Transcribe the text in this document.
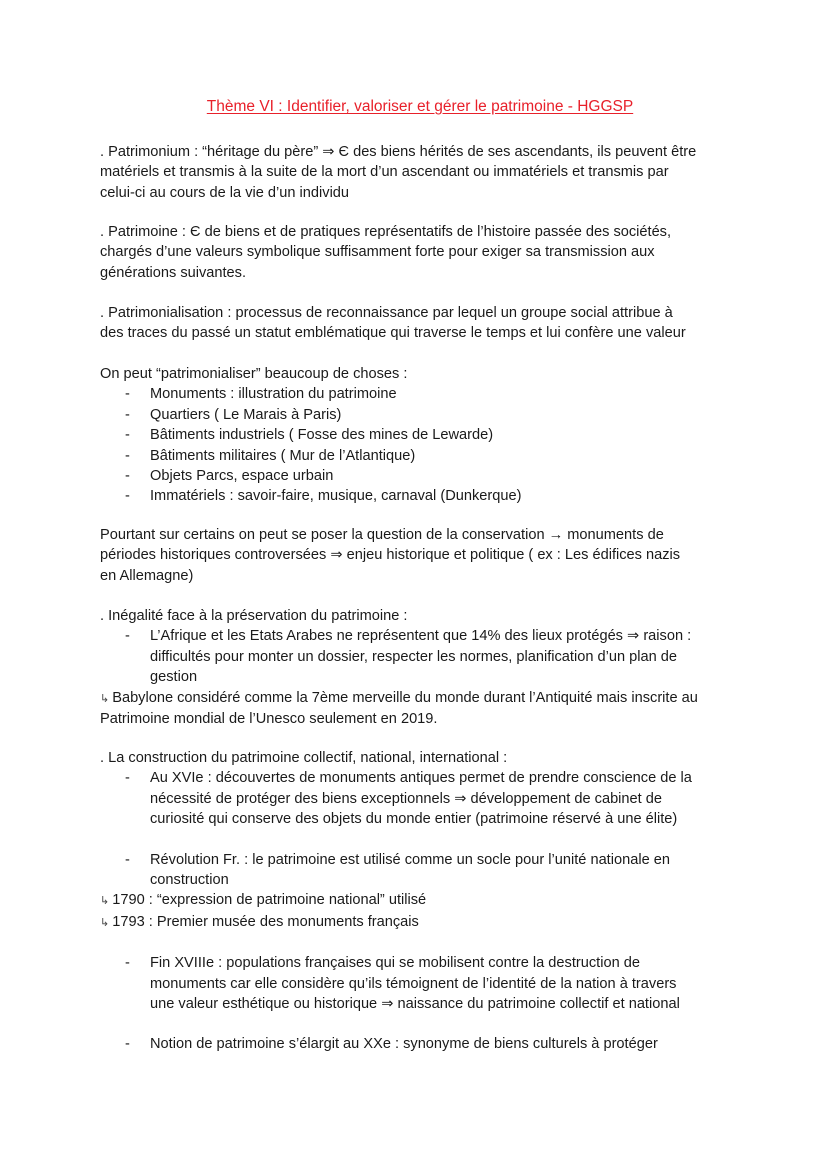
Thème VI : Identifier, valoriser et gérer le patrimoine - HGGSP

. Patrimonium : “héritage du père” ⇒ Є des biens hérités de ses ascendants, ils peuvent être

matériels et transmis à la suite de la mort d’un ascendant ou immatériels et transmis par

celui-ci au cours de la vie d’un individu

. Patrimoine : Є de biens et de pratiques représentatifs de l’histoire passée des sociétés,

chargés d’une valeurs symbolique suffisamment forte pour exiger sa transmission aux

générations suivantes.

. Patrimonialisation : processus de reconnaissance par lequel un groupe social attribue à

des traces du passé un statut emblématique qui traverse le temps et lui confère une valeur

On peut “patrimonialiser” beaucoup de choses :

- Monuments : illustration du patrimoine
- Quartiers ( Le Marais à Paris)
- Bâtiments industriels ( Fosse des mines de Lewarde)
- Bâtiments militaires ( Mur de l’Atlantique)
- Objets Parcs, espace urbain
- Immatériels : savoir-faire, musique, carnaval (Dunkerque)

Pourtant sur certains on peut se poser la question de la conservation → monuments de

périodes historiques controversées ⇒ enjeu historique et politique ( ex : Les édifices nazis

en Allemagne)

. Inégalité face à la préservation du patrimoine :

- L’Afrique et les Etats Arabes ne représentent que 14% des lieux protégés ⇒ raison :
difficultés pour monter un dossier, respecter les normes, planification d’un plan de
gestion

↳ Babylone considéré comme la 7ème merveille du monde durant l’Antiquité mais inscrite au

Patrimoine mondial de l’Unesco seulement en 2019.

. La construction du patrimoine collectif, national, international :

- Au XVIe : découvertes de monuments antiques permet de prendre conscience de la
nécessité de protéger des biens exceptionnels ⇒ développement de cabinet de
curiosité qui conserve des objets du monde entier (patrimoine réservé à une élite)
- Révolution Fr. : le patrimoine est utilisé comme un socle pour l’unité nationale en
construction

↳ 1790 : “expression de patrimoine national” utilisé

↳ 1793 : Premier musée des monuments français

- Fin XVIIIe : populations françaises qui se mobilisent contre la destruction de
monuments car elle considère qu’ils témoignent de l’identité de la nation à travers
une valeur esthétique ou historique ⇒ naissance du patrimoine collectif et national
- Notion de patrimoine s’élargit au XXe : synonyme de biens culturels à protéger
